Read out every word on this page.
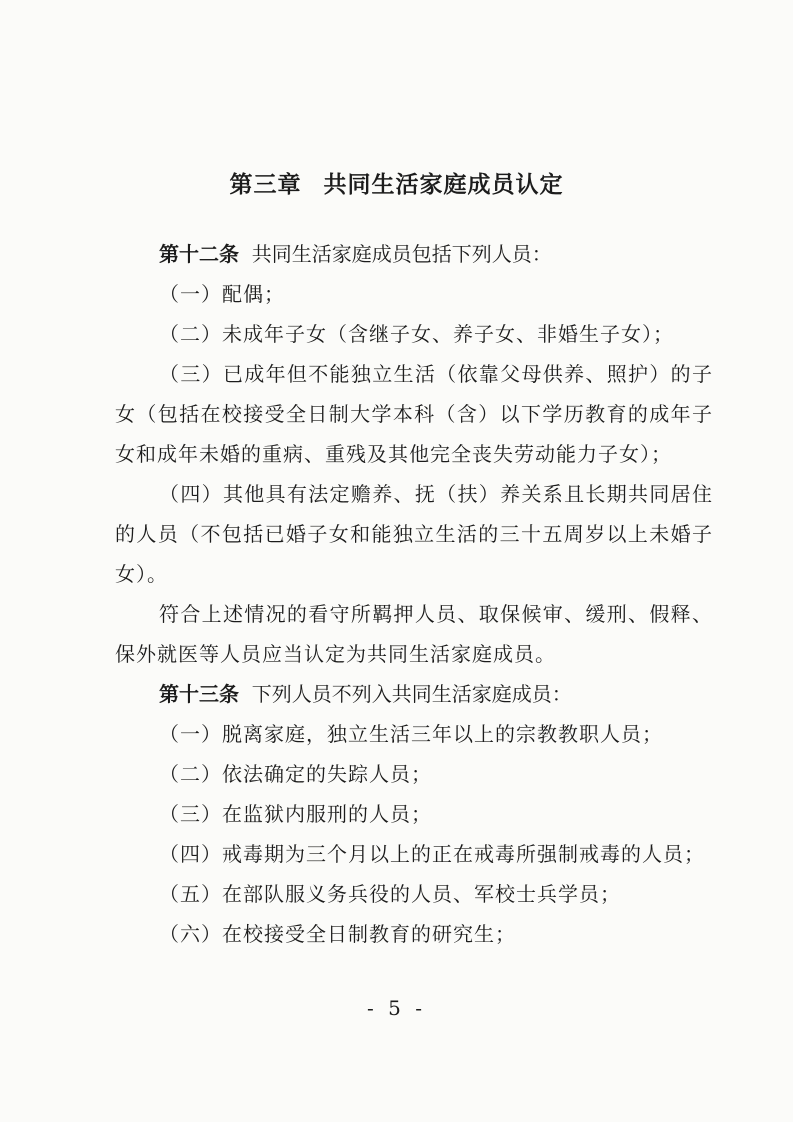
第三章 共同生活家庭成员认定

第十二条 共同生活家庭成员包括下列人员：

（一）配偶；

（二）未成年子女（含继子女、养子女、非婚生子女）；

（三）已成年但不能独立生活（依靠父母供养、照护）的子女（包括在校接受全日制大学本科（含）以下学历教育的成年子女和成年未婚的重病、重残及其他完全丧失劳动能力子女）；

（四）其他具有法定赡养、抚（扶）养关系且长期共同居住的人员（不包括已婚子女和能独立生活的三十五周岁以上未婚子女）。

符合上述情况的看守所羁押人员、取保候审、缓刑、假释、保外就医等人员应当认定为共同生活家庭成员。

第十三条 下列人员不列入共同生活家庭成员：

（一）脱离家庭，独立生活三年以上的宗教教职人员；

（二）依法确定的失踪人员；

（三）在监狱内服刑的人员；

（四）戒毒期为三个月以上的正在戒毒所强制戒毒的人员；

（五）在部队服义务兵役的人员、军校士兵学员；

（六）在校接受全日制教育的研究生；

- 5 -
